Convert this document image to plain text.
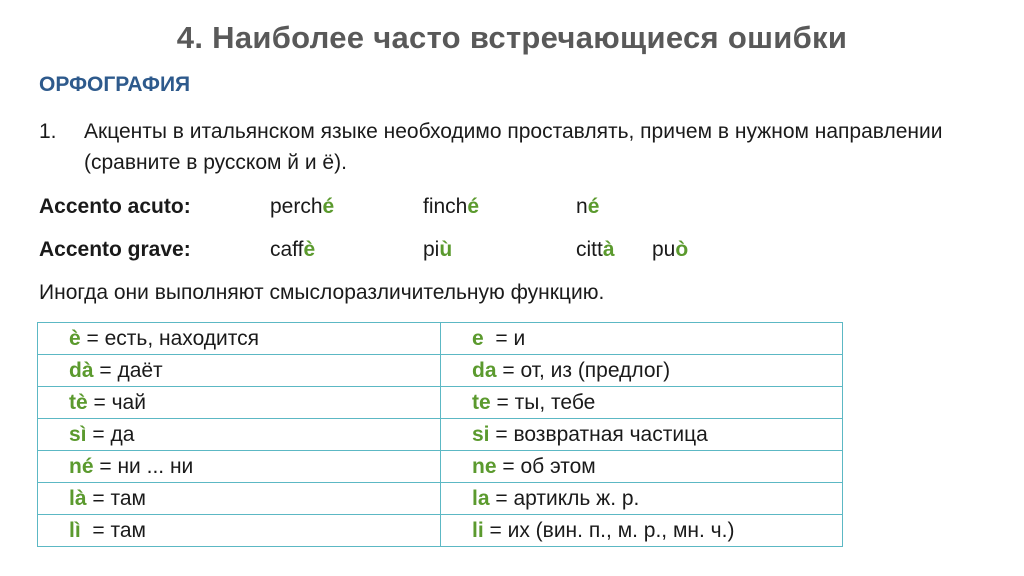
4. Наиболее часто встречающиеся ошибки
ОРФОГРАФИЯ
1. Акценты в итальянском языке необходимо проставлять, причем в нужном направлении (сравните в русском й и ё).
Accento acuto:	perché	finché	né
Accento grave:	caffè	più	città può
Иногда они выполняют смыслоразличительную функцию.
è = есть, находится	e  = и
dà = даёт	da = от, из (предлог)
tè = чай	te = ты, тебе
sì = да	si = возвратная частица
né = ни ... ни	ne = об этом
là = там	la = артикль ж. р.
lì  = там	li = их (вин. п., м. р., мн. ч.)
